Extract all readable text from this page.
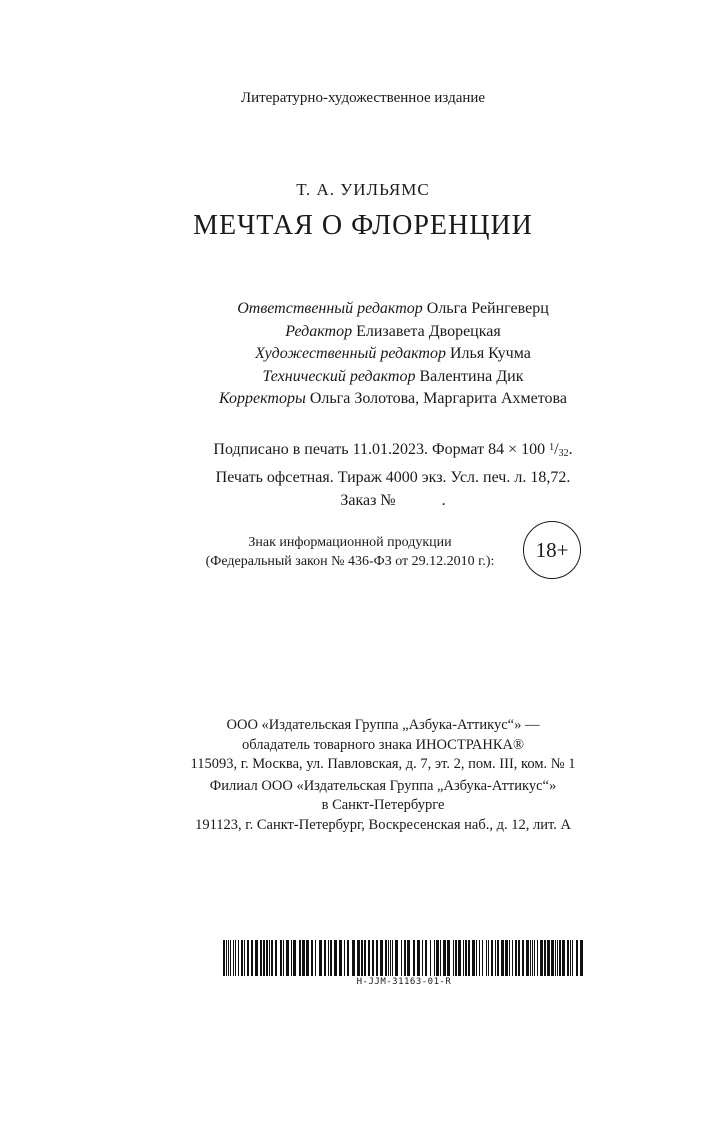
Литературно-художественное издание
Т. А. УИЛЬЯМС
МЕЧТАЯ О ФЛОРЕНЦИИ
Ответственный редактор Ольга Рейнгеверц
Редактор Елизавета Дворецкая
Художественный редактор Илья Кучма
Технический редактор Валентина Дик
Корректоры Ольга Золотова, Маргарита Ахметова
Подписано в печать 11.01.2023. Формат 84 × 100 $^1$/32.
Печать офсетная. Тираж 4000 экз. Усл. печ. л. 18,72.
Заказ №	.
Знак информационной продукции
(Федеральный закон № 436-ФЗ от 29.12.2010 г.):	18+
ООО «Издательская Группа „Азбука-Аттикус“» —
обладатель товарного знака ИНОСТРАНКА®
115093, г. Москва, ул. Павловская, д. 7, эт. 2, пом. III, ком. № 1
Филиал ООО «Издательская Группа „Азбука-Аттикус“»
в Санкт-Петербурге
191123, г. Санкт-Петербург, Воскресенская наб., д. 12, лит. А
H-JJM-31163-01-R
